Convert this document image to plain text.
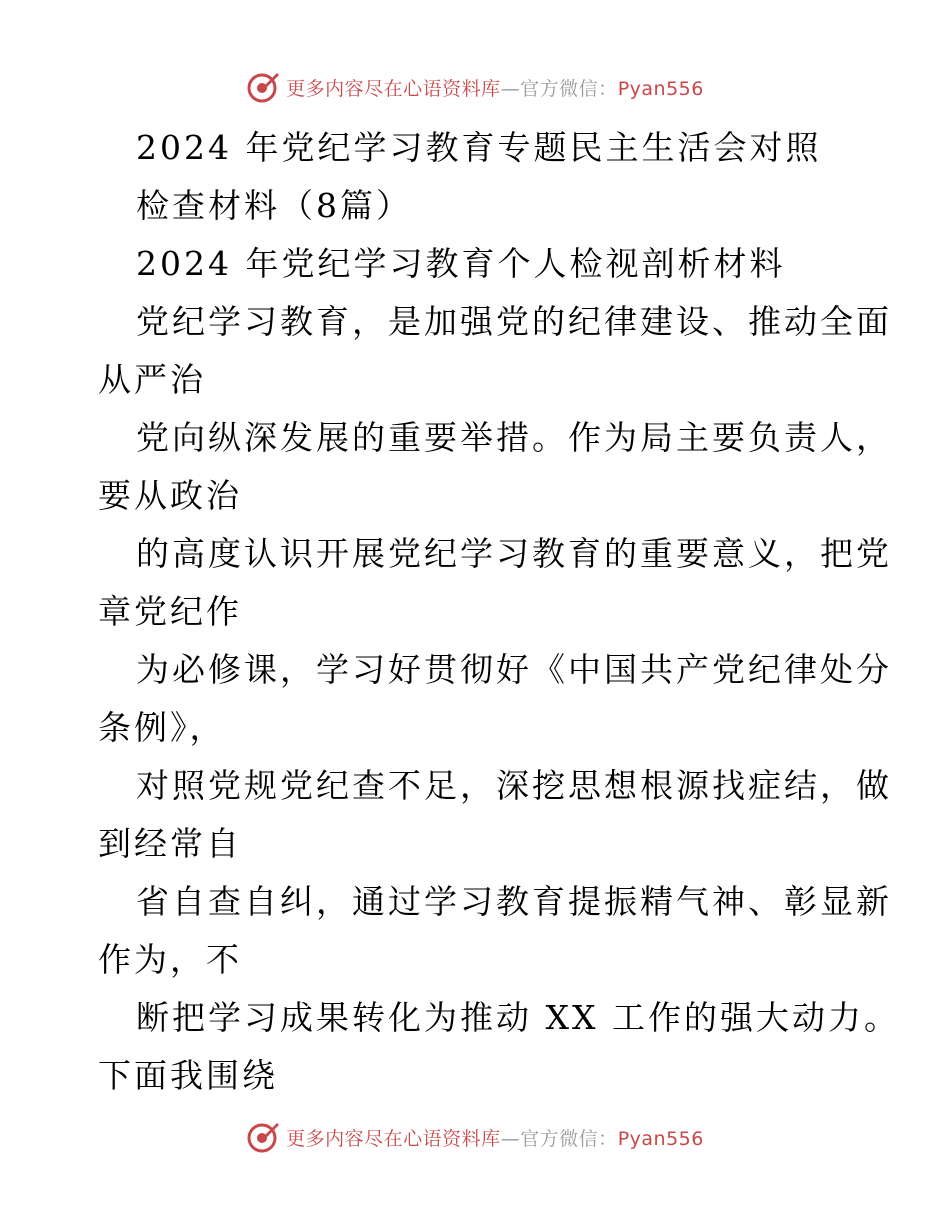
更多内容尽在心语资料库—官方微信：Pyan556
2024 年党纪学习教育专题民主生活会对照
检查材料（8篇）
2024 年党纪学习教育个人检视剖析材料
党纪学习教育，是加强党的纪律建设、推动全面
从严治
党向纵深发展的重要举措。作为局主要负责人，
要从政治
的高度认识开展党纪学习教育的重要意义，把党
章党纪作
为必修课，学习好贯彻好《中国共产党纪律处分
条例》，
对照党规党纪查不足，深挖思想根源找症结，做
到经常自
省自查自纠，通过学习教育提振精气神、彰显新
作为，不
断把学习成果转化为推动 XX 工作的强大动力。
下面我围绕
更多内容尽在心语资料库—官方微信：Pyan556
